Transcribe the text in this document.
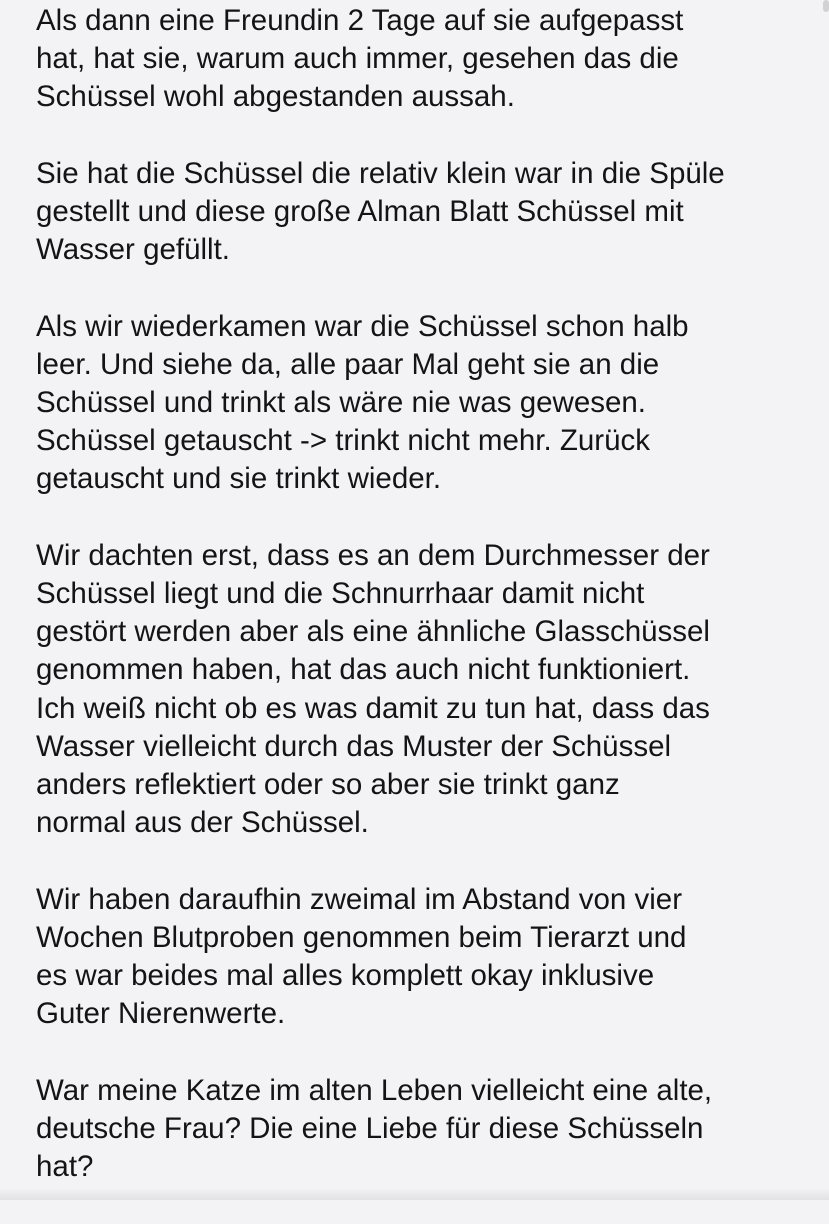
Als dann eine Freundin 2 Tage auf sie aufgepasst
hat, hat sie, warum auch immer, gesehen das die
Schüssel wohl abgestanden aussah.

Sie hat die Schüssel die relativ klein war in die Spüle
gestellt und diese große Alman Blatt Schüssel mit
Wasser gefüllt.

Als wir wiederkamen war die Schüssel schon halb
leer. Und siehe da, alle paar Mal geht sie an die
Schüssel und trinkt als wäre nie was gewesen.
Schüssel getauscht -> trinkt nicht mehr. Zurück
getauscht und sie trinkt wieder.

Wir dachten erst, dass es an dem Durchmesser der
Schüssel liegt und die Schnurrhaar damit nicht
gestört werden aber als eine ähnliche Glasschüssel
genommen haben, hat das auch nicht funktioniert.
Ich weiß nicht ob es was damit zu tun hat, dass das
Wasser vielleicht durch das Muster der Schüssel
anders reflektiert oder so aber sie trinkt ganz
normal aus der Schüssel.

Wir haben daraufhin zweimal im Abstand von vier
Wochen Blutproben genommen beim Tierarzt und
es war beides mal alles komplett okay inklusive
Guter Nierenwerte.

War meine Katze im alten Leben vielleicht eine alte,
deutsche Frau? Die eine Liebe für diese Schüsseln
hat?
